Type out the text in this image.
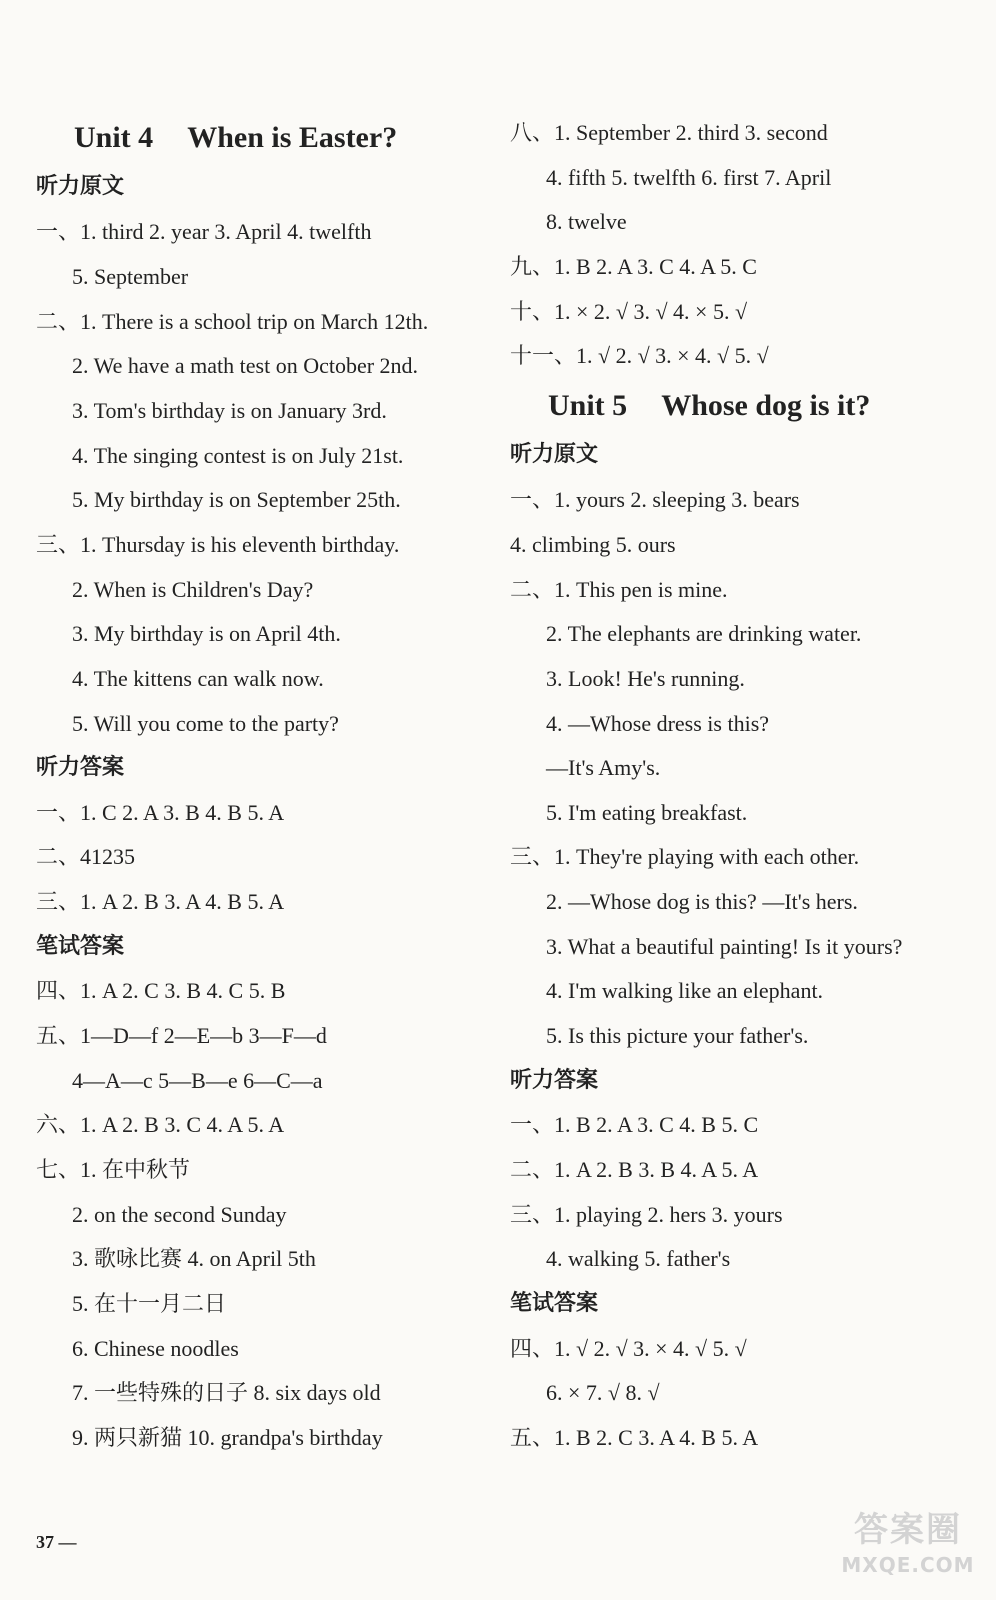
Unit 4 When is Easter?
听力原文
一、1. third 2. year 3. April 4. twelfth
5. September
二、1. There is a school trip on March 12th.
2. We have a math test on October 2nd.
3. Tom's birthday is on January 3rd.
4. The singing contest is on July 21st.
5. My birthday is on September 25th.
三、1. Thursday is his eleventh birthday.
2. When is Children's Day?
3. My birthday is on April 4th.
4. The kittens can walk now.
5. Will you come to the party?
听力答案
一、1. C 2. A 3. B 4. B 5. A
二、41235
三、1. A 2. B 3. A 4. B 5. A
笔试答案
四、1. A 2. C 3. B 4. C 5. B
五、1—D—f 2—E—b 3—F—d
4—A—c 5—B—e 6—C—a
六、1. A 2. B 3. C 4. A 5. A
七、1. 在中秋节
2. on the second Sunday
3. 歌咏比赛 4. on April 5th
5. 在十一月二日
6. Chinese noodles
7. 一些特殊的日子 8. six days old
9. 两只新猫 10. grandpa's birthday
37 —
八、1. September 2. third 3. second
4. fifth 5. twelfth 6. first 7. April
8. twelve
九、1. B 2. A 3. C 4. A 5. C
十、1. × 2. √ 3. √ 4. × 5. √
十一、1. √ 2. √ 3. × 4. √ 5. √
Unit 5 Whose dog is it?
听力原文
一、1. yours 2. sleeping 3. bears
4. climbing 5. ours
二、1. This pen is mine.
2. The elephants are drinking water.
3. Look! He's running.
4. —Whose dress is this?
—It's Amy's.
5. I'm eating breakfast.
三、1. They're playing with each other.
2. —Whose dog is this? —It's hers.
3. What a beautiful painting! Is it yours?
4. I'm walking like an elephant.
5. Is this picture your father's.
听力答案
一、1. B 2. A 3. C 4. B 5. C
二、1. A 2. B 3. B 4. A 5. A
三、1. playing 2. hers 3. yours
4. walking 5. father's
笔试答案
四、1. √ 2. √ 3. × 4. √ 5. √
6. × 7. √ 8. √
五、1. B 2. C 3. A 4. B 5. A
答案圈
MXQE.COM
